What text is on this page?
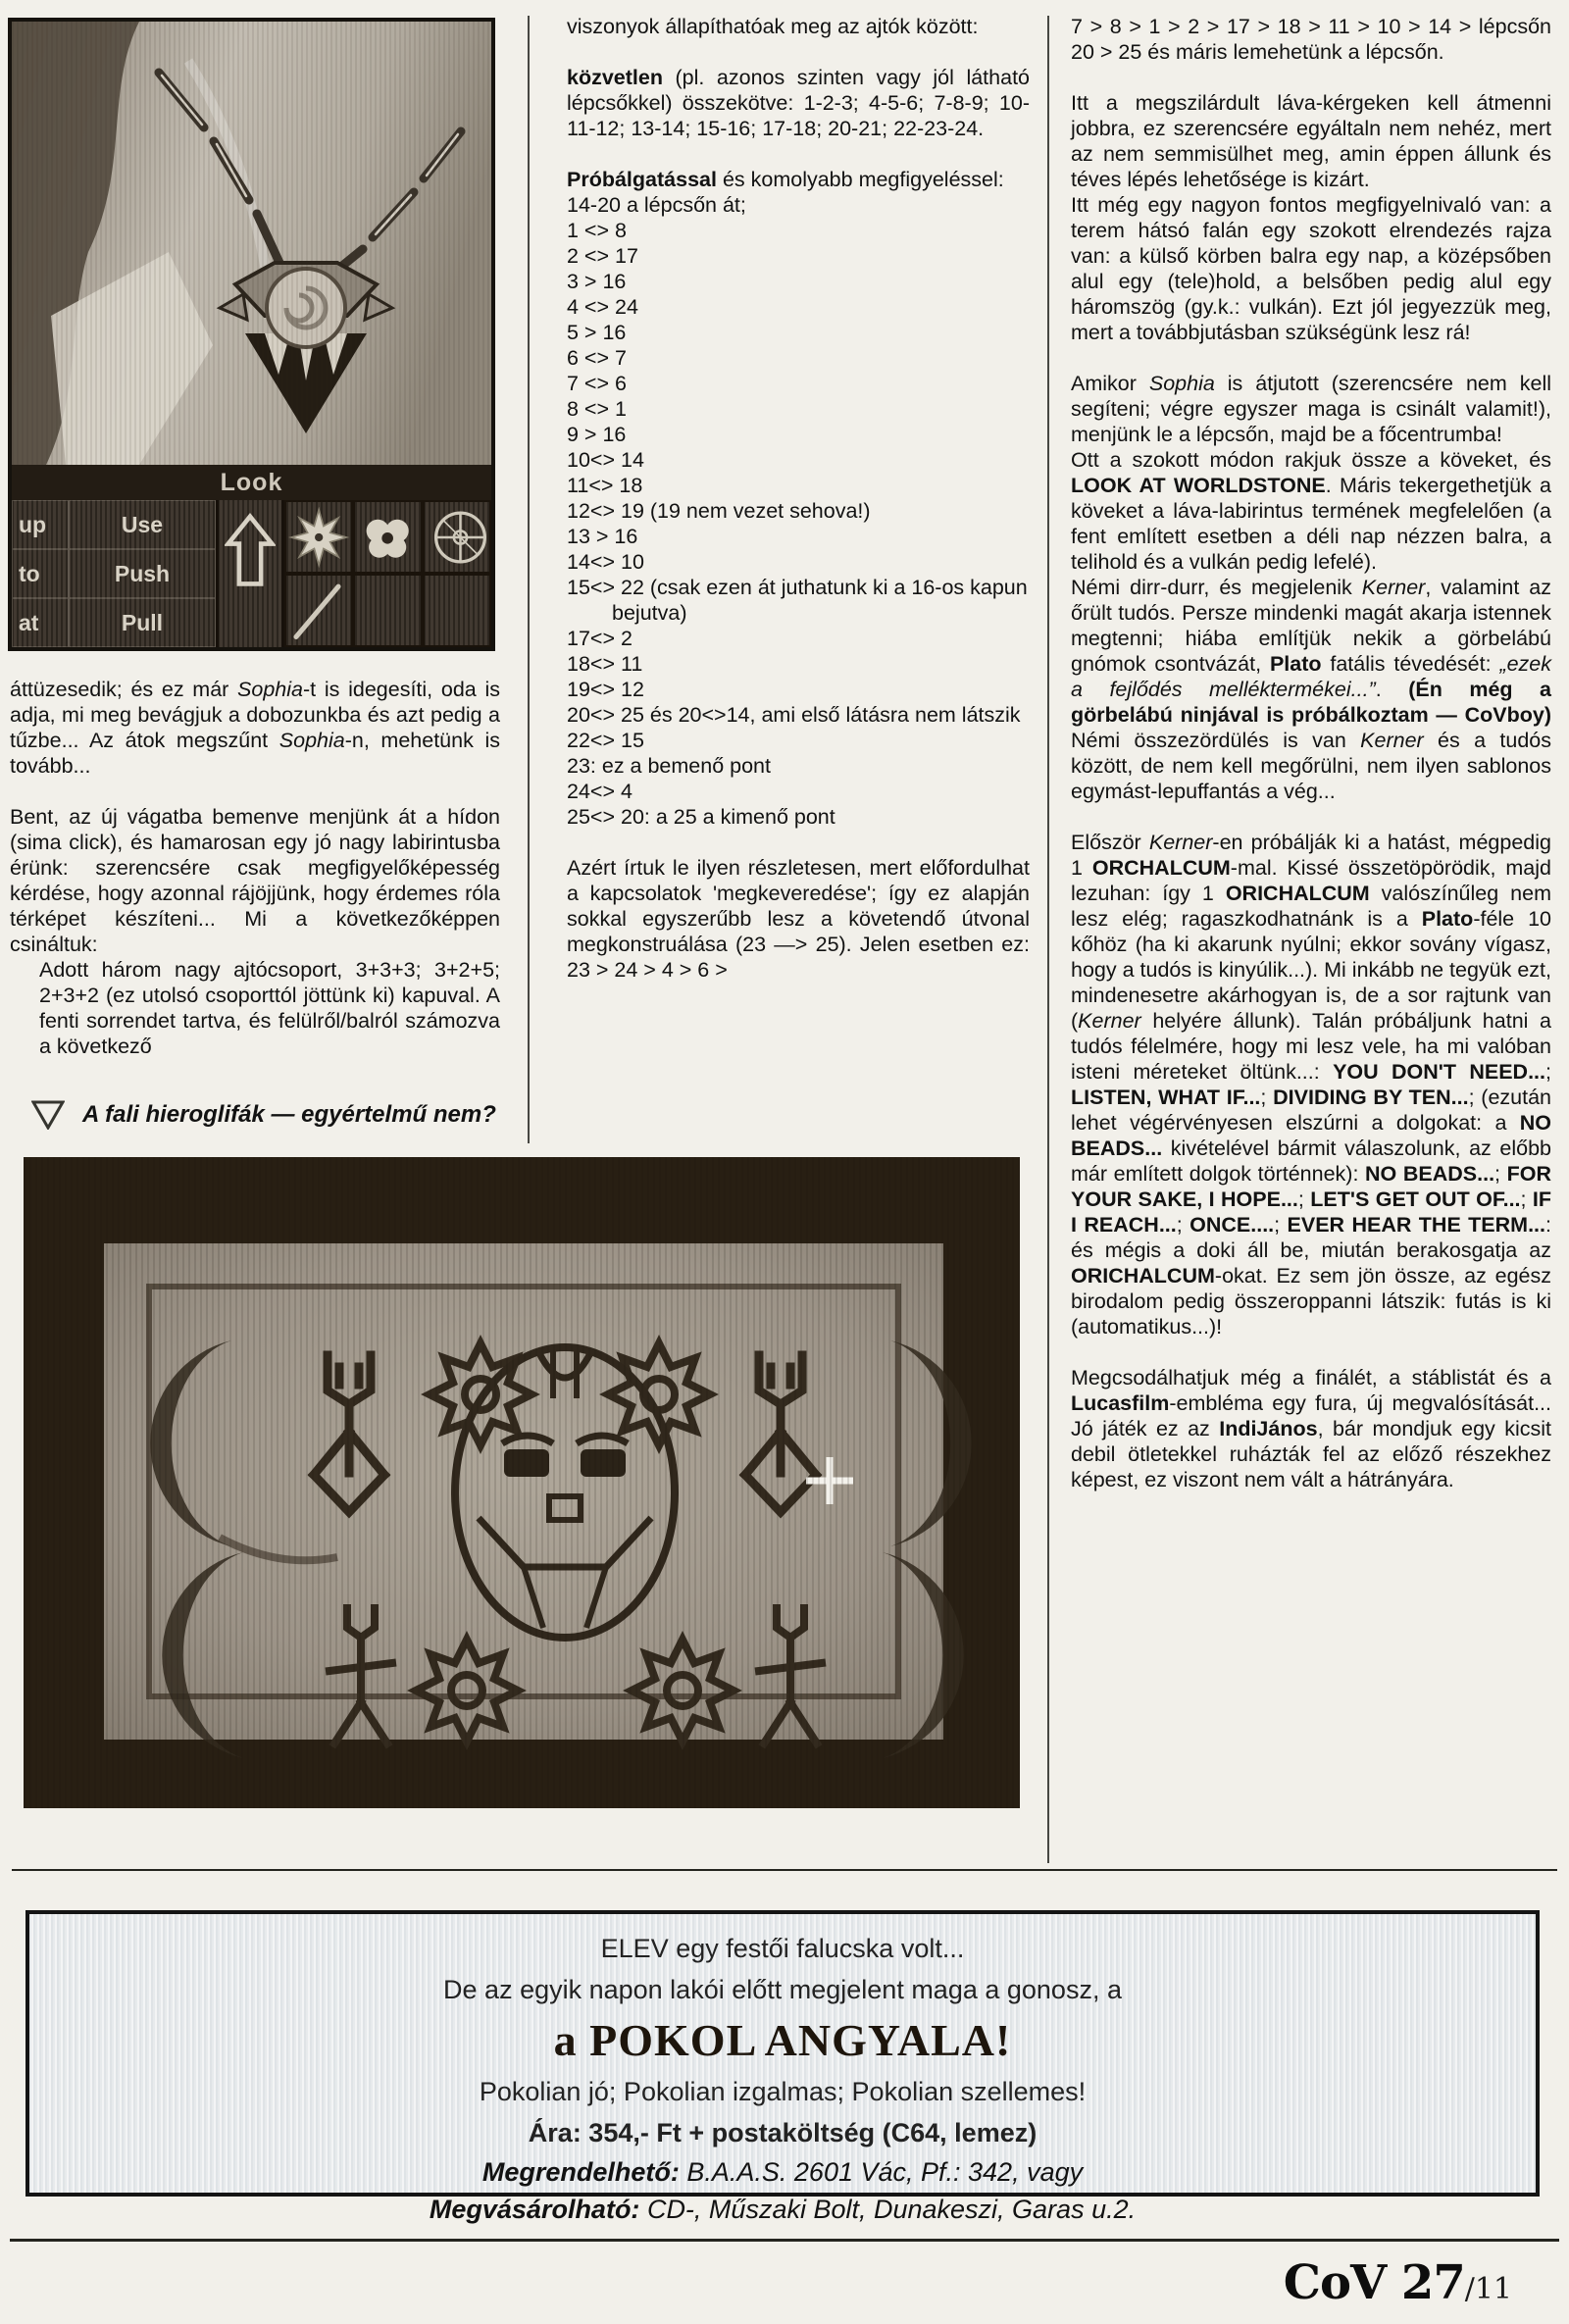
Look
up	Use
to	Push
at	Pull

áttüzesedik; és ez már Sophia-t is idegesíti, oda is adja, mi meg bevágjuk a dobozunkba és azt pedig a tűzbe... Az átok megszűnt Sophia-n, mehetünk is tovább...

Bent, az új vágatba bemenve menjünk át a hídon (sima click), és hamarosan egy jó nagy labirintusba érünk: szerencsére csak megfigyelőképesség kérdése, hogy azonnal rájöjjünk, hogy érdemes róla térképet készíteni... Mi a következőképpen csináltuk:

Adott három nagy ajtócsoport, 3+3+3; 3+2+5; 2+3+2 (ez utolsó csoporttól jöttünk ki) kapuval. A fenti sorrendet tartva, és felülről/balról számozva a következő

A fali hieroglifák — egyértelmű nem?

viszonyok állapíthatóak meg az ajtók között:

közvetlen (pl. azonos szinten vagy jól látható lépcsőkkel) összekötve: 1-2-3; 4-5-6; 7-8-9; 10-11-12; 13-14; 15-16; 17-18; 20-21; 22-23-24.

Próbálgatással és komolyabb megfigyeléssel:

14-20 a lépcsőn át;
1 <> 8
2 <> 17
3 > 16
4 <> 24
5 > 16
6 <> 7
7 <> 6
8 <> 1
9 > 16
10<> 14
11<> 18
12<> 19 (19 nem vezet sehova!)
13 > 16
14<> 10
15<> 22 (csak ezen át juthatunk ki a 16-os kapun bejutva)
17<> 2
18<> 11
19<> 12
20<> 25 és 20<>14, ami első látásra nem látszik
22<> 15
23: ez a bemenő pont
24<> 4
25<> 20: a 25 a kimenő pont

Azért írtuk le ilyen részletesen, mert előfordulhat a kapcsolatok 'megkeveredése'; így ez alapján sokkal egyszerűbb lesz a követendő útvonal megkonstruálása (23 —> 25). Jelen esetben ez: 23 > 24 > 4 > 6 >

7 > 8 > 1 > 2 > 17 > 18 > 11 > 10 > 14 > lépcsőn 20 > 25 és máris lemehetünk a lépcsőn.

Itt a megszilárdult láva-kérgeken kell átmenni jobbra, ez szerencsére egyáltaln nem nehéz, mert az nem semmisülhet meg, amin éppen állunk és téves lépés lehetősége is kizárt.

Itt még egy nagyon fontos megfigyelnivaló van: a terem hátsó falán egy szokott elrendezés rajza van: a külső körben balra egy nap, a középsőben alul egy (tele)hold, a belsőben pedig alul egy háromszög (gy.k.: vulkán). Ezt jól jegyezzük meg, mert a továbbjutásban szükségünk lesz rá!

Amikor Sophia is átjutott (szerencsére nem kell segíteni; végre egyszer maga is csinált valamit!), menjünk le a lépcsőn, majd be a főcentrumba!

Ott a szokott módon rakjuk össze a köveket, és LOOK AT WORLDSTONE. Máris tekergethetjük a köveket a láva-labirintus termének megfelelően (a fent említett esetben a déli nap nézzen balra, a telihold és a vulkán pedig lefelé).

Némi dirr-durr, és megjelenik Kerner, valamint az őrült tudós. Persze mindenki magát akarja istennek megtenni; hiába említjük nekik a görbelábú gnómok csontvázát, Plato fatális tévedését: „ezek a fejlődés melléktermékei...”. (Én még a görbelábú ninjával is próbálkoztam — CoVboy) Némi összezördülés is van Kerner és a tudós között, de nem kell megőrülni, nem ilyen sablonos egymást-lepuffantás a vég...

Először Kerner-en próbálják ki a hatást, mégpedig 1 ORCHALCUM-mal. Kissé összetöpörödik, majd lezuhan: így 1 ORICHALCUM valószínűleg nem lesz elég; ragaszkodhatnánk is a Plato-féle 10 kőhöz (ha ki akarunk nyúlni; ekkor sovány vígasz, hogy a tudós is kinyúlik...). Mi inkább ne tegyük ezt, mindenesetre akárhogyan is, de a sor rajtunk van (Kerner helyére állunk). Talán próbáljunk hatni a tudós félelmére, hogy mi lesz vele, ha mi valóban isteni méreteket öltünk...: YOU DON'T NEED...; LISTEN, WHAT IF...; DIVIDING BY TEN...; (ezután lehet végérvényesen elszúrni a dolgokat: a NO BEADS... kivételével bármit válaszolunk, az előbb már említett dolgok történnek): NO BEADS...; FOR YOUR SAKE, I HOPE...; LET'S GET OUT OF...; IF I REACH...; ONCE....; EVER HEAR THE TERM...: és mégis a doki áll be, miután berakosgatja az ORICHALCUM-okat. Ez sem jön össze, az egész birodalom pedig összeroppanni látszik: futás is ki (automatikus...)!

Megcsodálhatjuk még a finálét, a stáblistát és a Lucasfilm-embléma egy fura, új megvalósítását... Jó játék ez az IndiJános, bár mondjuk egy kicsit debil ötletekkel ruházták fel az előző részekhez képest, ez viszont nem vált a hátrányára.

ELEV egy festői falucska volt...
De az egyik napon lakói előtt megjelent maga a gonosz, a
a POKOL ANGYALA!
Pokolian jó; Pokolian izgalmas; Pokolian szellemes!
Ára: 354,- Ft + postaköltség (C64, lemez)
Megrendelhető: B.A.A.S. 2601 Vác, Pf.: 342, vagy
Megvásárolható: CD-, Műszaki Bolt, Dunakeszi, Garas u.2.
CoV 27 /11
